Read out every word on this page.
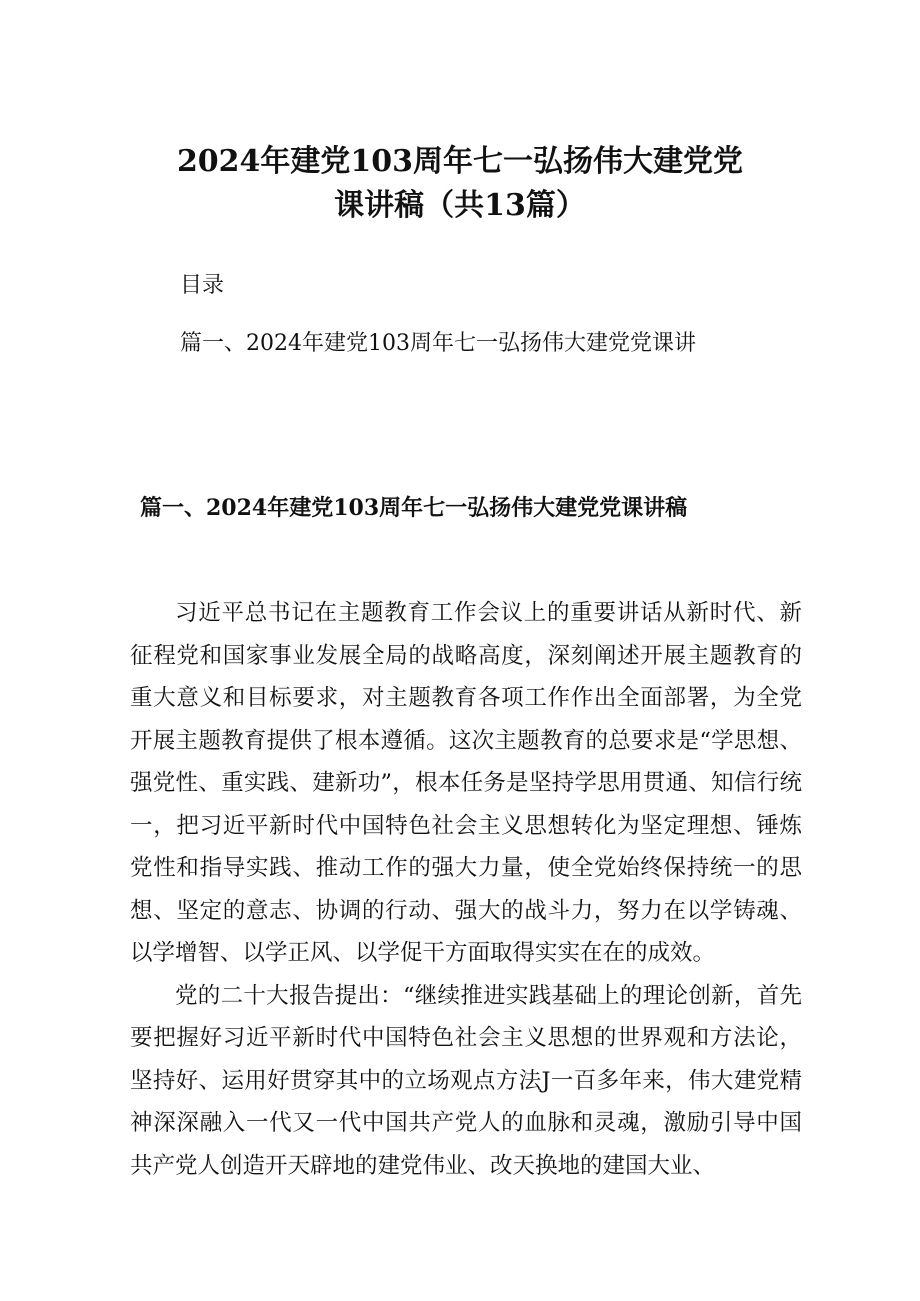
2024年建党103周年七一弘扬伟大建党党
课讲稿（共13篇）
目录
篇一、2024年建党103周年七一弘扬伟大建党党课讲
篇一、2024年建党103周年七一弘扬伟大建党党课讲稿

习近平总书记在主题教育工作会议上的重要讲话从新时代、新征程党和国家事业发展全局的战略高度，深刻阐述开展主题教育的重大意义和目标要求，对主题教育各项工作作出全面部署，为全党开展主题教育提供了根本遵循。这次主题教育的总要求是“学思想、强党性、重实践、建新功”，根本任务是坚持学思用贯通、知信行统一，把习近平新时代中国特色社会主义思想转化为坚定理想、锤炼党性和指导实践、推动工作的强大力量，使全党始终保持统一的思想、坚定的意志、协调的行动、强大的战斗力，努力在以学铸魂、以学增智、以学正风、以学促干方面取得实实在在的成效。

党的二十大报告提出：“继续推进实践基础上的理论创新，首先要把握好习近平新时代中国特色社会主义思想的世界观和方法论，坚持好、运用好贯穿其中的立场观点方法J一百多年来，伟大建党精神深深融入一代又一代中国共产党人的血脉和灵魂，激励引导中国共产党人创造开天辟地的建党伟业、改天换地的建国大业、
